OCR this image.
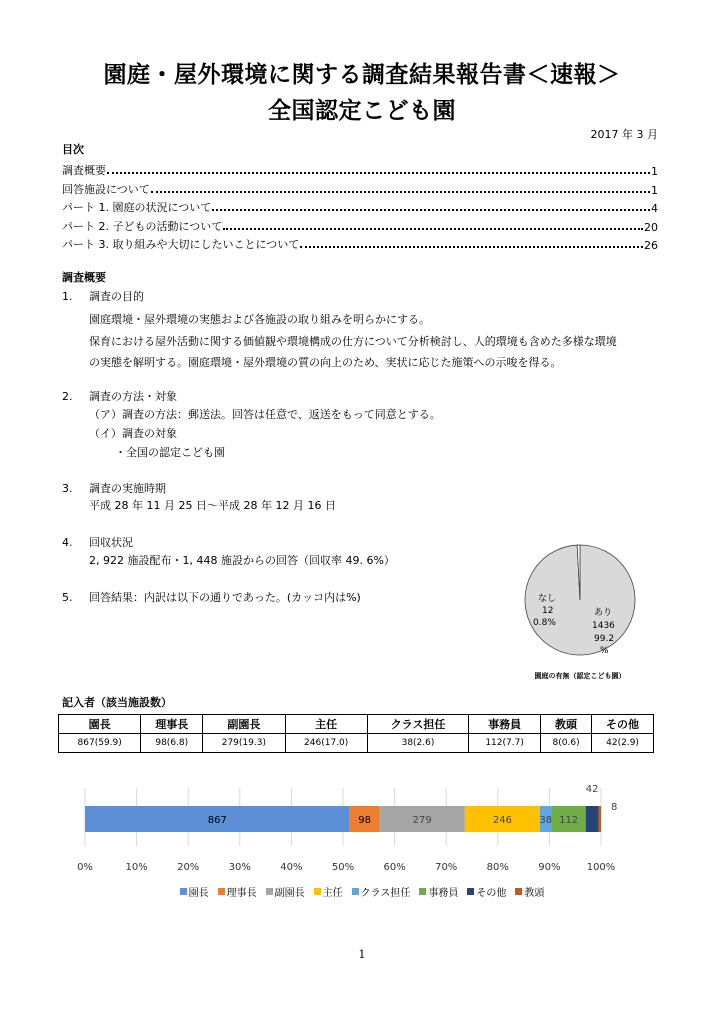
園庭・屋外環境に関する調査結果報告書＜速報＞
全国認定こども園
2017 年 3 月
目次
調査概要	1
回答施設について	1
パート 1. 園庭の状況について	4
パート 2. 子どもの活動について	20
パート 3. 取り組みや大切にしたいことについて	26
調査概要
1. 調査の目的
園庭環境・屋外環境の実態および各施設の取り組みを明らかにする。
保育における屋外活動に関する価値観や環境構成の仕方について分析検討し、人的環境も含めた多様な環境
の実態を解明する。園庭環境・屋外環境の質の向上のため、実状に応じた施策への示唆を得る。
2. 調査の方法・対象
（ア）調査の方法：郵送法。回答は任意で、返送をもって同意とする。
（イ）調査の対象
・全国の認定こども園
3. 調査の実施時期
平成 28 年 11 月 25 日～平成 28 年 12 月 16 日
4. 回収状況
2, 922 施設配布・1, 448 施設からの回答（回収率 49. 6%）
5. 回答結果：内訳は以下の通りであった。(カッコ内は%)	なし
12
0.8%
あり
1436
99.2
%
園庭の有無（認定こども園）
記入者（該当施設数）
園長	理事長	副園長	主任	クラス担任	事務員	教頭	その他
867(59.9)	98(6.8)	279(19.3)	246(17.0)	38(2.6)	112(7.7)	8(0.6)	42(2.9)
867	98	279	246	38 112
42
8
0%	10%	20%	30%	40%	50%	60%	70%	80%	90%	100%
園長 理事長 副園長 主任 クラス担任 事務員 その他 教頭
1
